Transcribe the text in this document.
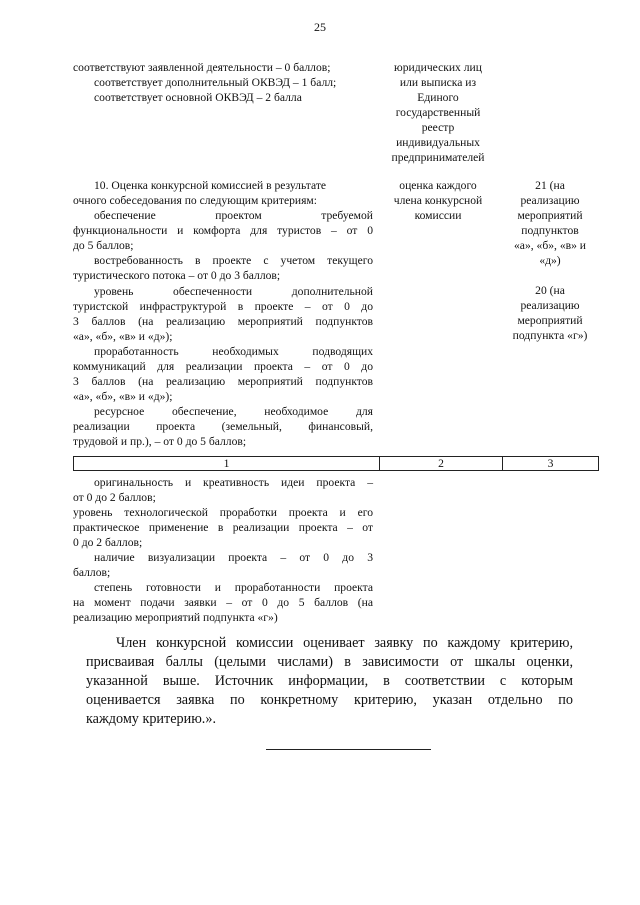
25
соответствуют заявленной деятельности – 0 баллов;
соответствует дополнительный ОКВЭД – 1 балл;
соответствует основной ОКВЭД – 2 балла
юридических лиц
или выписка из
Единого
государственный
реестр
индивидуальных
предпринимателей
10. Оценка конкурсной комиссией в результате
очного собеседования по следующим критериям:
обеспечение проектом требуемой
функциональности и комфорта для туристов – от 0
до 5 баллов;
востребованность в проекте с учетом текущего
туристического потока – от 0 до 3 баллов;
уровень обеспеченности дополнительной
туристской инфраструктурой в проекте – от 0 до
3 баллов (на реализацию мероприятий подпунктов
«а», «б», «в» и «д»);
проработанность необходимых подводящих
коммуникаций для реализации проекта – от 0 до
3 баллов (на реализацию мероприятий подпунктов
«а», «б», «в» и «д»);
ресурсное обеспечение, необходимое для
реализации проекта (земельный, финансовый,
трудовой и пр.), – от 0 до 5 баллов;
оценка каждого
члена конкурсной
комиссии
21 (на
реализацию
мероприятий
подпунктов
«а», «б», «в» и
«д»)
20 (на
реализацию
мероприятий
подпункта «г»)
1	2	3
оригинальность и креативность идеи проекта –
от 0 до 2 баллов;
уровень технологической проработки проекта и его
практическое применение в реализации проекта – от
0 до 2 баллов;
наличие визуализации проекта – от 0 до 3
баллов;
степень готовности и проработанности проекта
на момент подачи заявки – от 0 до 5 баллов (на
реализацию мероприятий подпункта «г»)
Член конкурсной комиссии оценивает заявку по каждому критерию,
присваивая баллы (целыми числами) в зависимости от шкалы оценки,
указанной выше. Источник информации, в соответствии с которым
оценивается заявка по конкретному критерию, указан отдельно по
каждому критерию.».
